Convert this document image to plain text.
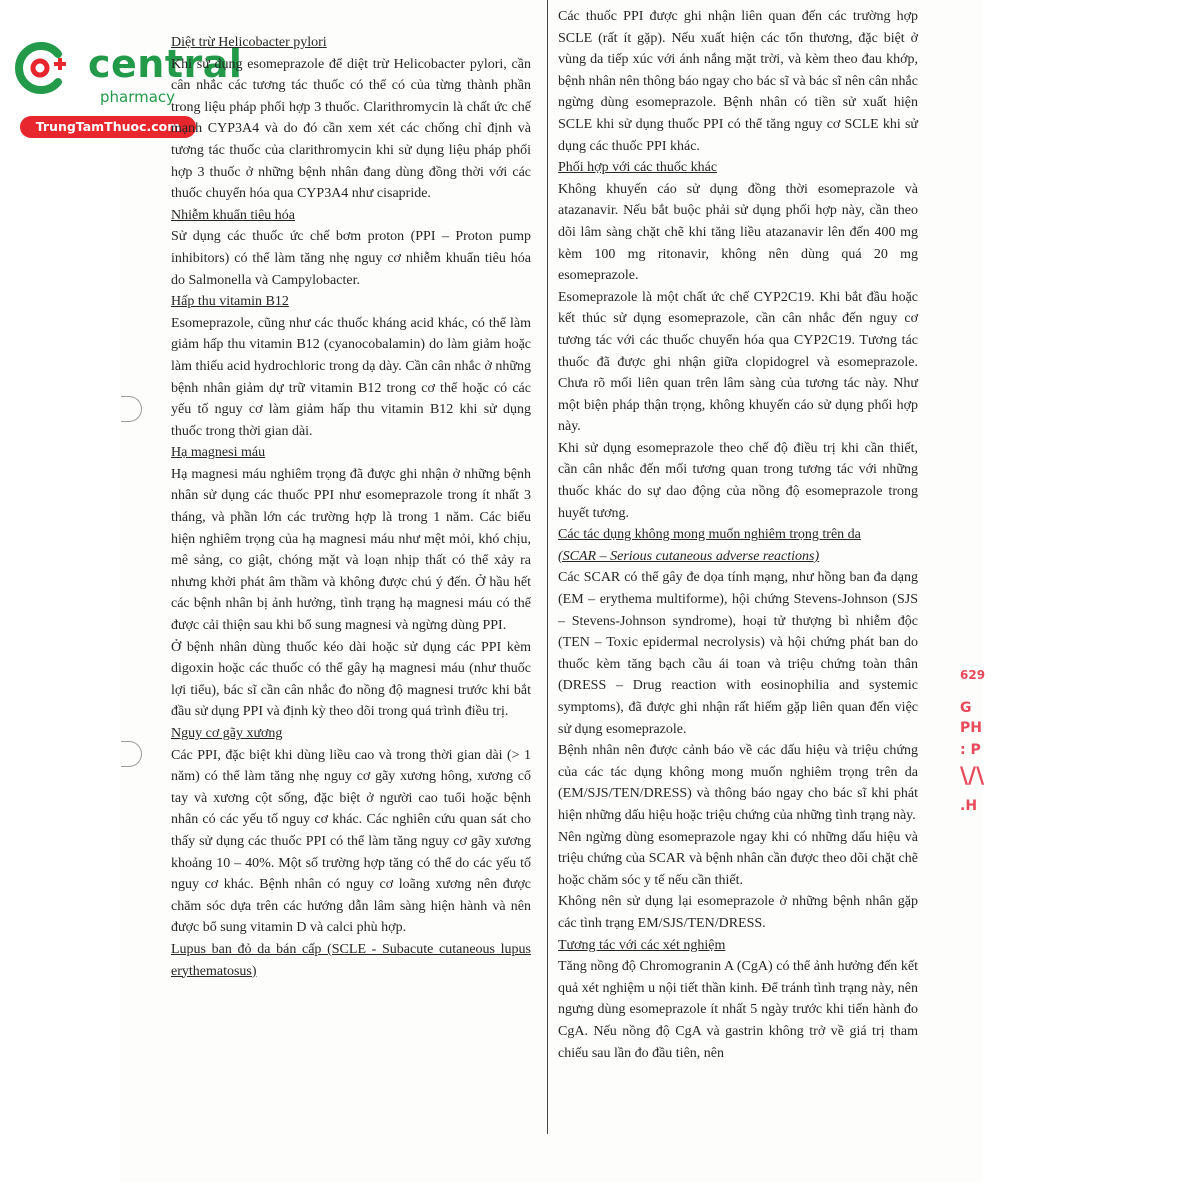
central
pharmacy
TrungTamThuoc.com

Diệt trừ Helicobacter pylori

Khi sử dụng esomeprazole để diệt trừ Helicobacter pylori, cần cân nhắc các tương tác thuốc có thể có của từng thành phần trong liệu pháp phối hợp 3 thuốc. Clarithromycin là chất ức chế mạnh CYP3A4 và do đó cần xem xét các chống chỉ định và tương tác thuốc của clarithromycin khi sử dụng liệu pháp phối hợp 3 thuốc ở những bệnh nhân đang dùng đồng thời với các thuốc chuyển hóa qua CYP3A4 như cisapride.

Nhiễm khuẩn tiêu hóa

Sử dụng các thuốc ức chế bơm proton (PPI – Proton pump inhibitors) có thể làm tăng nhẹ nguy cơ nhiễm khuẩn tiêu hóa do Salmonella và Campylobacter.

Hấp thu vitamin B12

Esomeprazole, cũng như các thuốc kháng acid khác, có thể làm giảm hấp thu vitamin B12 (cyanocobalamin) do làm giảm hoặc làm thiếu acid hydrochloric trong dạ dày. Cần cân nhắc ở những bệnh nhân giảm dự trữ vitamin B12 trong cơ thể hoặc có các yếu tố nguy cơ làm giảm hấp thu vitamin B12 khi sử dụng thuốc trong thời gian dài.

Hạ magnesi máu

Hạ magnesi máu nghiêm trọng đã được ghi nhận ở những bệnh nhân sử dụng các thuốc PPI như esomeprazole trong ít nhất 3 tháng, và phần lớn các trường hợp là trong 1 năm. Các biểu hiện nghiêm trọng của hạ magnesi máu như mệt mỏi, khó chịu, mê sảng, co giật, chóng mặt và loạn nhịp thất có thể xảy ra nhưng khởi phát âm thầm và không được chú ý đến. Ở hầu hết các bệnh nhân bị ảnh hưởng, tình trạng hạ magnesi máu có thể được cải thiện sau khi bổ sung magnesi và ngừng dùng PPI.

Ở bệnh nhân dùng thuốc kéo dài hoặc sử dụng các PPI kèm digoxin hoặc các thuốc có thể gây hạ magnesi máu (như thuốc lợi tiểu), bác sĩ cần cân nhắc đo nồng độ magnesi trước khi bắt đầu sử dụng PPI và định kỳ theo dõi trong quá trình điều trị.

Nguy cơ gãy xương

Các PPI, đặc biệt khi dùng liều cao và trong thời gian dài (> 1 năm) có thể làm tăng nhẹ nguy cơ gãy xương hông, xương cổ tay và xương cột sống, đặc biệt ở người cao tuổi hoặc bệnh nhân có các yếu tố nguy cơ khác. Các nghiên cứu quan sát cho thấy sử dụng các thuốc PPI có thể làm tăng nguy cơ gãy xương khoảng 10 – 40%. Một số trường hợp tăng có thể do các yếu tố nguy cơ khác. Bệnh nhân có nguy cơ loãng xương nên được chăm sóc dựa trên các hướng dẫn lâm sàng hiện hành và nên được bổ sung vitamin D và calci phù hợp.

Lupus ban đỏ da bán cấp (SCLE - Subacute cutaneous lupus erythematosus)

Các thuốc PPI được ghi nhận liên quan đến các trường hợp SCLE (rất ít gặp). Nếu xuất hiện các tổn thương, đặc biệt ở vùng da tiếp xúc với ánh nắng mặt trời, và kèm theo đau khớp, bệnh nhân nên thông báo ngay cho bác sĩ và bác sĩ nên cân nhắc ngừng dùng esomeprazole. Bệnh nhân có tiền sử xuất hiện SCLE khi sử dụng thuốc PPI có thể tăng nguy cơ SCLE khi sử dụng các thuốc PPI khác.

Phối hợp với các thuốc khác

Không khuyến cáo sử dụng đồng thời esomeprazole và atazanavir. Nếu bắt buộc phải sử dụng phối hợp này, cần theo dõi lâm sàng chặt chẽ khi tăng liều atazanavir lên đến 400 mg kèm 100 mg ritonavir, không nên dùng quá 20 mg esomeprazole.

Esomeprazole là một chất ức chế CYP2C19. Khi bắt đầu hoặc kết thúc sử dụng esomeprazole, cần cân nhắc đến nguy cơ tương tác với các thuốc chuyển hóa qua CYP2C19. Tương tác thuốc đã được ghi nhận giữa clopidogrel và esomeprazole. Chưa rõ mối liên quan trên lâm sàng của tương tác này. Như một biện pháp thận trọng, không khuyến cáo sử dụng phối hợp này.

Khi sử dụng esomeprazole theo chế độ điều trị khi cần thiết, cần cân nhắc đến mối tương quan trong tương tác với những thuốc khác do sự dao động của nồng độ esomeprazole trong huyết tương.

Các tác dụng không mong muốn nghiêm trọng trên da

(SCAR – Serious cutaneous adverse reactions)

Các SCAR có thể gây đe dọa tính mạng, như hồng ban đa dạng (EM – erythema multiforme), hội chứng Stevens-Johnson (SJS – Stevens-Johnson syndrome), hoại tử thượng bì nhiễm độc (TEN – Toxic epidermal necrolysis) và hội chứng phát ban do thuốc kèm tăng bạch cầu ái toan và triệu chứng toàn thân (DRESS – Drug reaction with eosinophilia and systemic symptoms), đã được ghi nhận rất hiếm gặp liên quan đến việc sử dụng esomeprazole.

Bệnh nhân nên được cảnh báo về các dấu hiệu và triệu chứng của các tác dụng không mong muốn nghiêm trọng trên da (EM/SJS/TEN/DRESS) và thông báo ngay cho bác sĩ khi phát hiện những dấu hiệu hoặc triệu chứng của những tình trạng này.

Nên ngừng dùng esomeprazole ngay khi có những dấu hiệu và triệu chứng của SCAR và bệnh nhân cần được theo dõi chặt chẽ hoặc chăm sóc y tế nếu cần thiết.

Không nên sử dụng lại esomeprazole ở những bệnh nhân gặp các tình trạng EM/SJS/TEN/DRESS.

Tương tác với các xét nghiệm

Tăng nồng độ Chromogranin A (CgA) có thể ảnh hưởng đến kết quả xét nghiệm u nội tiết thần kinh. Để tránh tình trạng này, nên ngưng dùng esomeprazole ít nhất 5 ngày trước khi tiến hành đo CgA. Nếu nồng độ CgA và gastrin không trở về giá trị tham chiếu sau lần đo đầu tiên, nên

629
G
PH
: P
\/\
.H
